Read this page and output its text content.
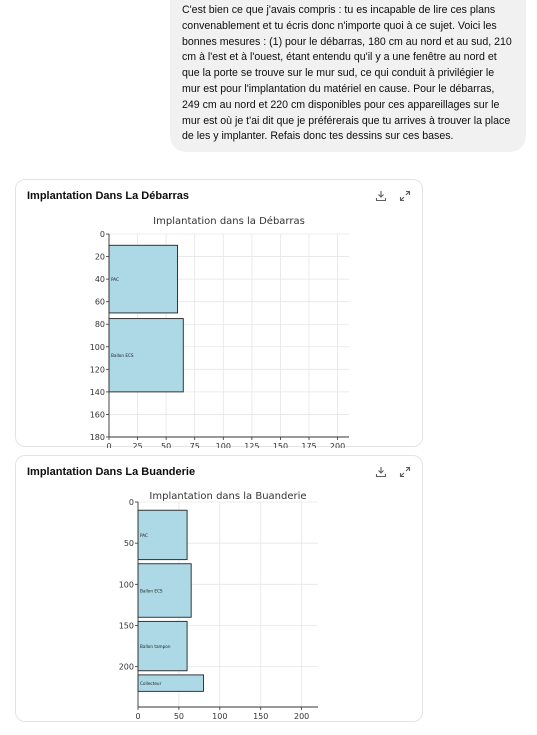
C'est bien ce que j'avais compris : tu es incapable de lire ces plans convenablement et tu écris donc n'importe quoi à ce sujet. Voici les bonnes mesures : (1) pour le débarras, 180 cm au nord et au sud, 210 cm à l'est et à l'ouest, étant entendu qu'il y a une fenêtre au nord et que la porte se trouve sur le mur sud, ce qui conduit à privilégier le mur est pour l'implantation du matériel en cause. Pour le débarras, 249 cm au nord et 220 cm disponibles pour ces appareillages sur le mur est où je t'ai dit que je préférerais que tu arrives à trouver la place de les y implanter. Refais donc tes dessins sur ces bases.
Implantation Dans La Débarras
PAC
Ballon ECS
0	25 50 75 100 125 150 175 200
0
20
40
60
80
100
120
140
160
180
Implantation dans la Débarras
Implantation Dans La Buanderie
PAC
Ballon ECS
Ballon tampon
Collecteur
0	50	100	150	200
0
50
100
150
200
Implantation dans la Buanderie
